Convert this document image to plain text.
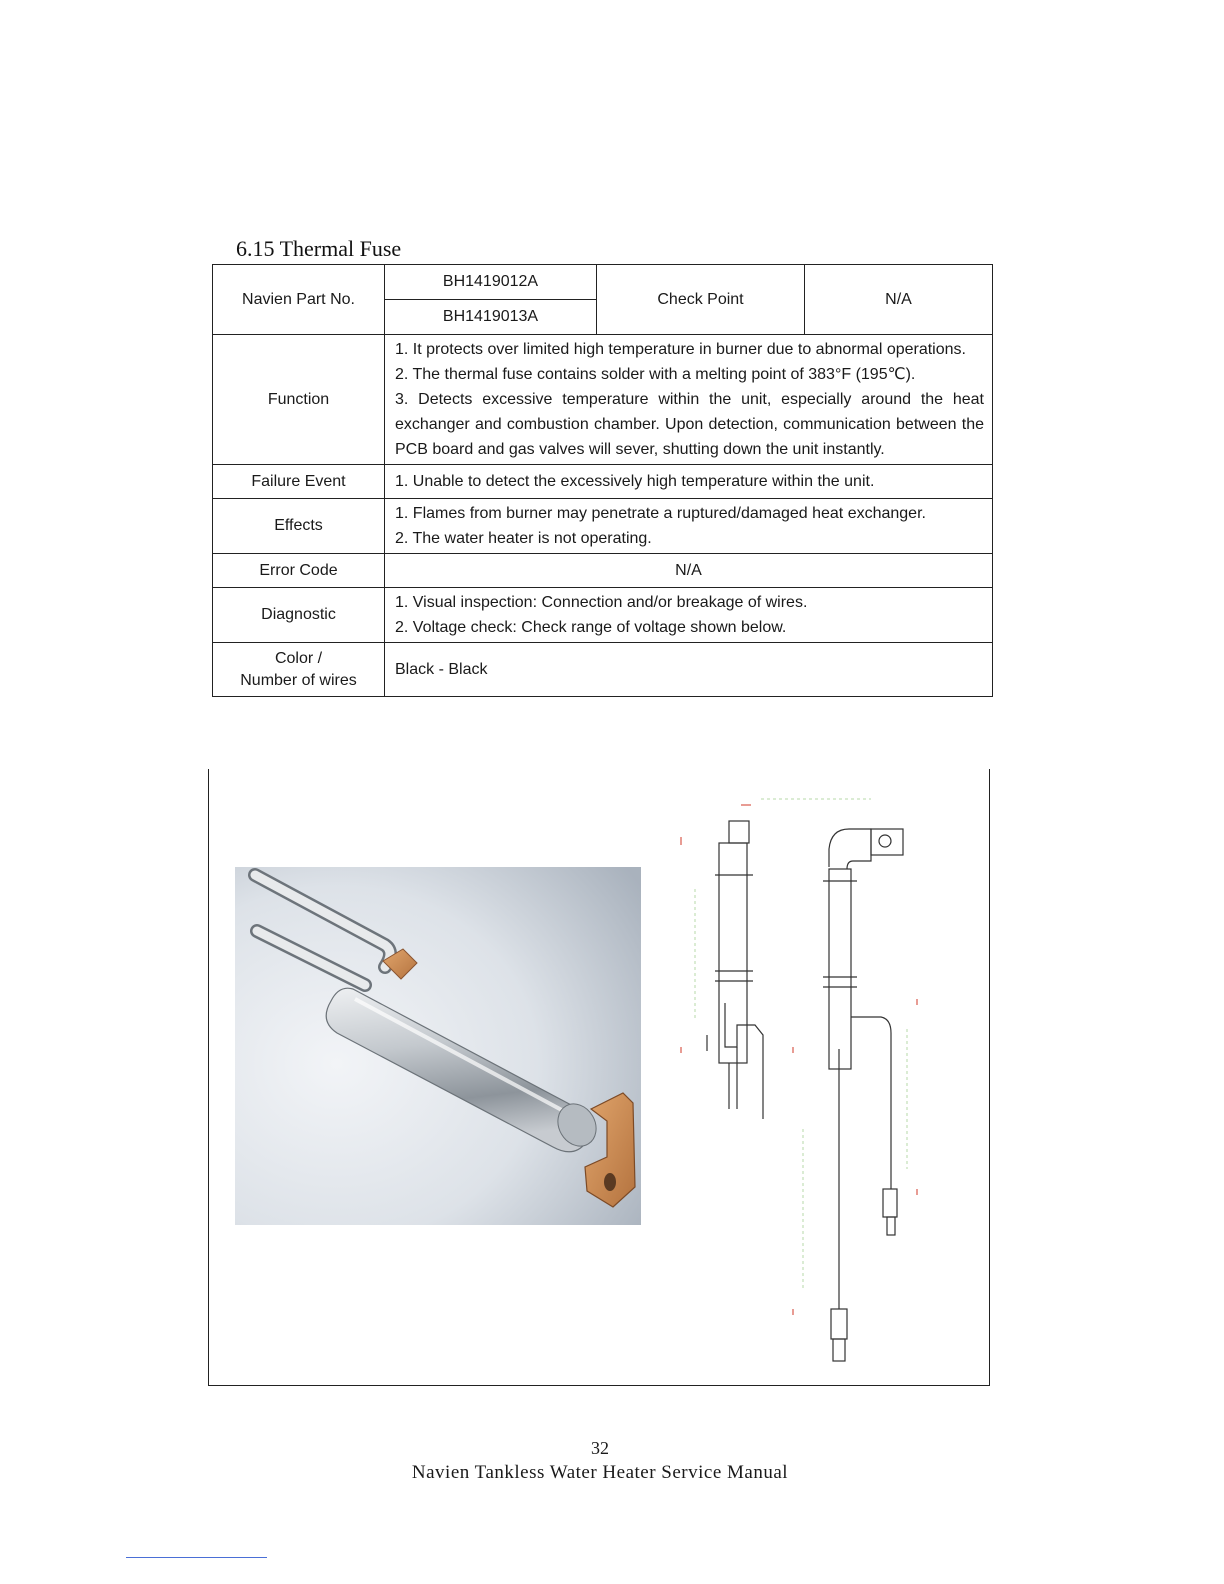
6.15 Thermal Fuse
Navien Part No.	BH1419012A	Check Point	N/A
	BH1419013A		
Function	1. It protects over limited high temperature in burner due to abnormal operations.

2. The thermal fuse contains solder with a melting point of 383°F (195℃).

3. Detects excessive temperature within the unit, especially around the heat exchanger and combustion chamber. Upon detection, communication between the PCB board and gas valves will sever, shutting down the unit instantly.		

Failure Event	1. Unable to detect the excessively high temperature within the unit.		
Effects	1. Flames from burner may penetrate a ruptured/damaged heat exchanger.

2. The water heater is not operating.		

Error Code	N/A		
Diagnostic	1. Visual inspection: Connection and/or breakage of wires.
2. Voltage check: Check range of voltage shown below.		

Color /
Number of wires	Black - Black		
32
Navien Tankless Water Heater Service Manual
